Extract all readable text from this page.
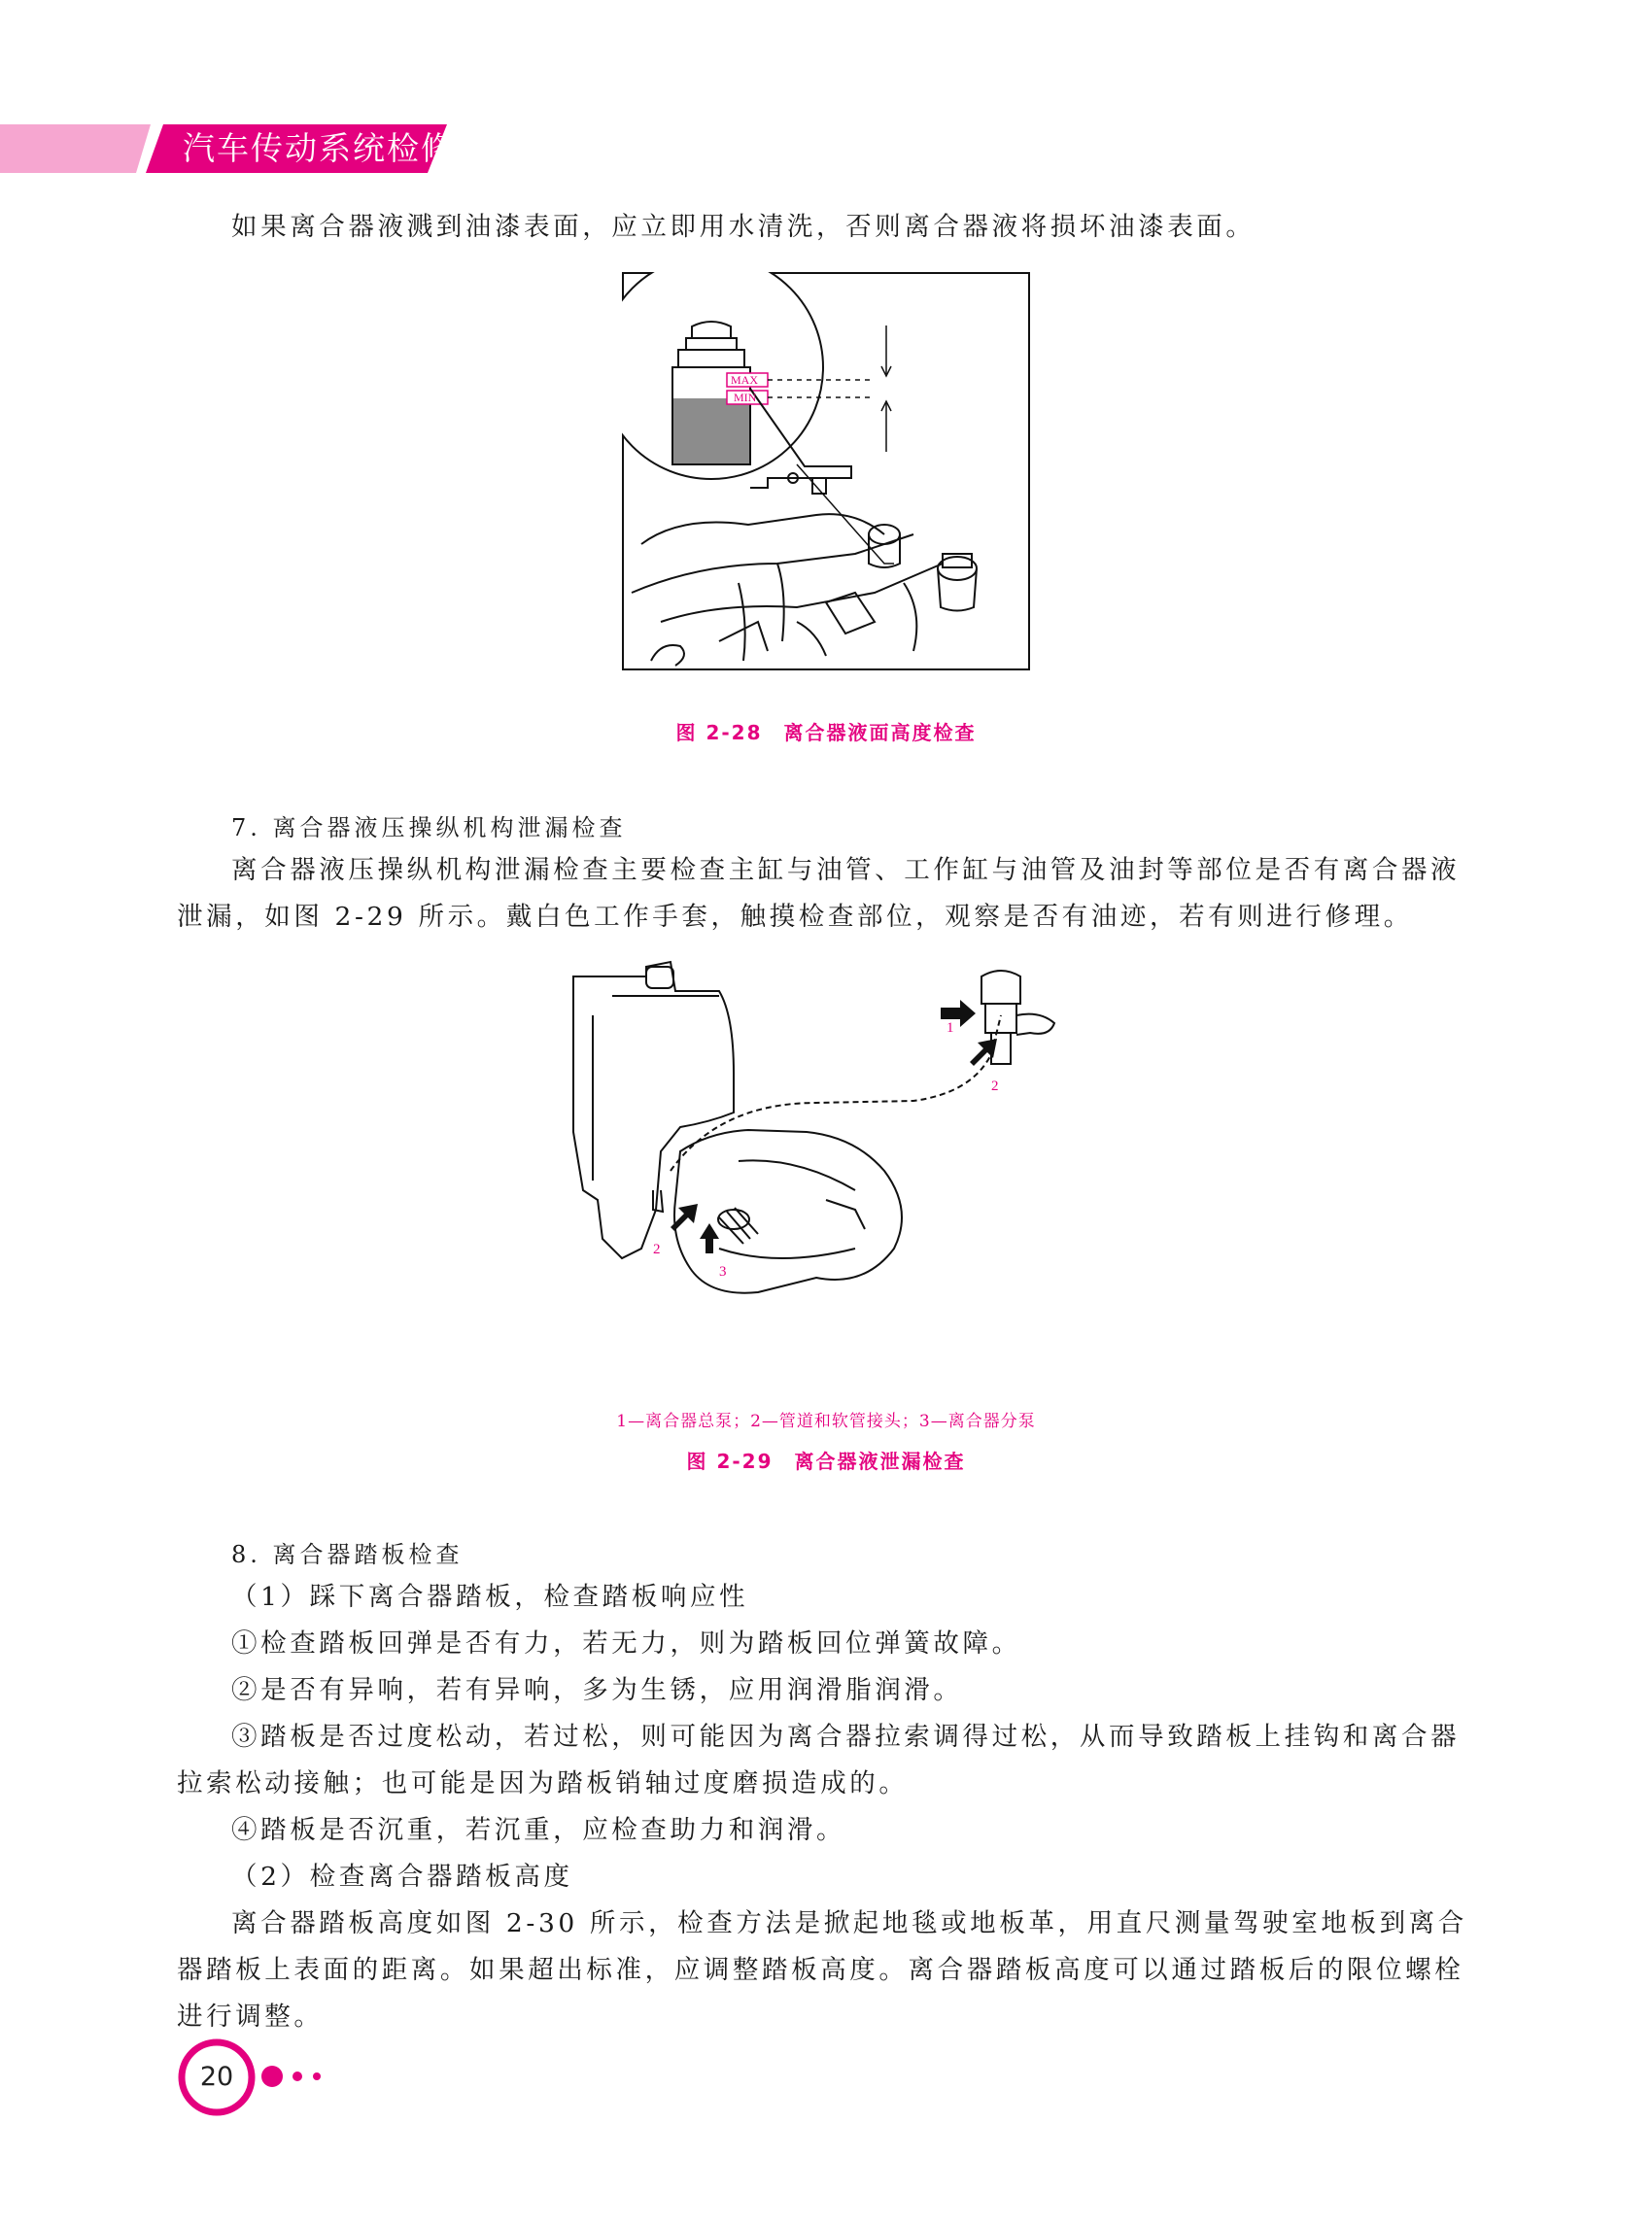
汽车传动系统检修

如果离合器液溅到油漆表面，应立即用水清洗，否则离合器液将损坏油漆表面。

MAX
MIN
图 2-28　离合器液面高度检查

7. 离合器液压操纵机构泄漏检查

离合器液压操纵机构泄漏检查主要检查主缸与油管、工作缸与油管及油封等部位是否有离合器液泄漏，如图 2-29 所示。戴白色工作手套，触摸检查部位，观察是否有油迹，若有则进行修理。

1
2
2
3
1—离合器总泵；2—管道和软管接头；3—离合器分泵
图 2-29　离合器液泄漏检查

8. 离合器踏板检查

（1）踩下离合器踏板，检查踏板响应性

①检查踏板回弹是否有力，若无力，则为踏板回位弹簧故障。

②是否有异响，若有异响，多为生锈，应用润滑脂润滑。

③踏板是否过度松动，若过松，则可能因为离合器拉索调得过松，从而导致踏板上挂钩和离合器拉索松动接触；也可能是因为踏板销轴过度磨损造成的。

④踏板是否沉重，若沉重，应检查助力和润滑。

（2）检查离合器踏板高度

离合器踏板高度如图 2-30 所示，检查方法是掀起地毯或地板革，用直尺测量驾驶室地板到离合器踏板上表面的距离。如果超出标准，应调整踏板高度。离合器踏板高度可以通过踏板后的限位螺栓进行调整。

20
